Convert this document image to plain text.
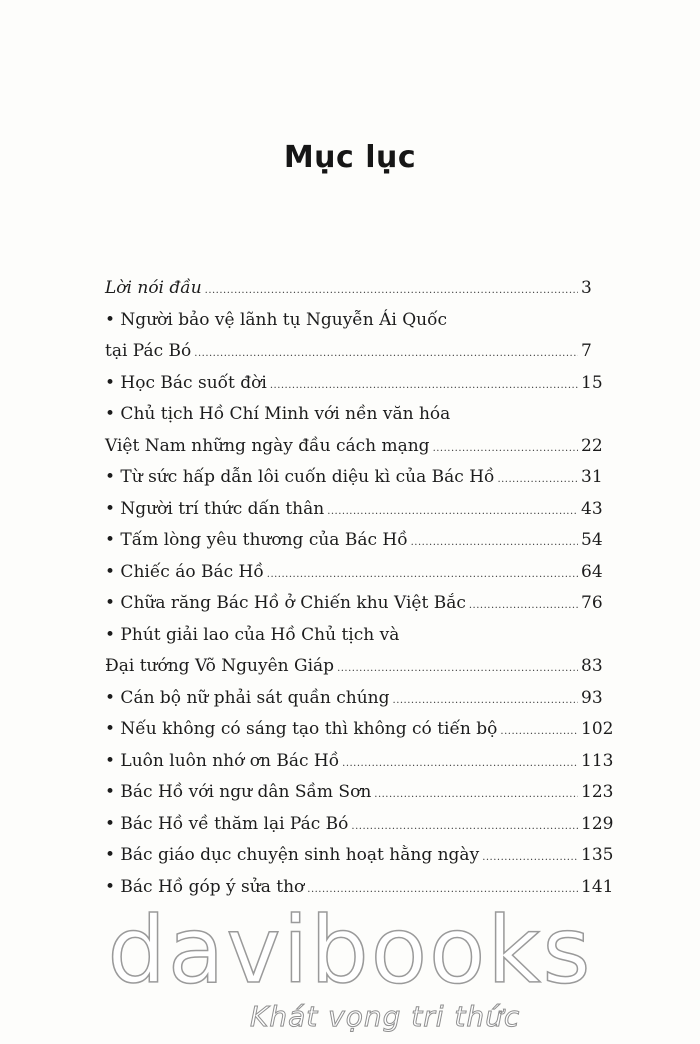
Mục lục
Lời nói đầu .....	3
• Người bảo vệ lãnh tụ Nguyễn Ái Quốc
tại Pác Bó .....	7
• Học Bác suốt đời .....	15
• Chủ tịch Hồ Chí Minh với nền văn hóa
Việt Nam những ngày đầu cách mạng .....	22
• Từ sức hấp dẫn lôi cuốn diệu kì của Bác Hồ .....	31
• Người trí thức dấn thân .....	43
• Tấm lòng yêu thương của Bác Hồ .....	54
• Chiếc áo Bác Hồ .....	64
• Chữa răng Bác Hồ ở Chiến khu Việt Bắc .....	76
• Phút giải lao của Hồ Chủ tịch và
Đại tướng Võ Nguyên Giáp .....	83
• Cán bộ nữ phải sát quần chúng .....	93
• Nếu không có sáng tạo thì không có tiến bộ .....	102
• Luôn luôn nhớ ơn Bác Hồ .....	113
• Bác Hồ với ngư dân Sầm Sơn .....	123
• Bác Hồ về thăm lại Pác Bó .....	129
• Bác giáo dục chuyện sinh hoạt hằng ngày .....	135
• Bác Hồ góp ý sửa thơ .....	141
davibooks
Khát vọng tri thức
